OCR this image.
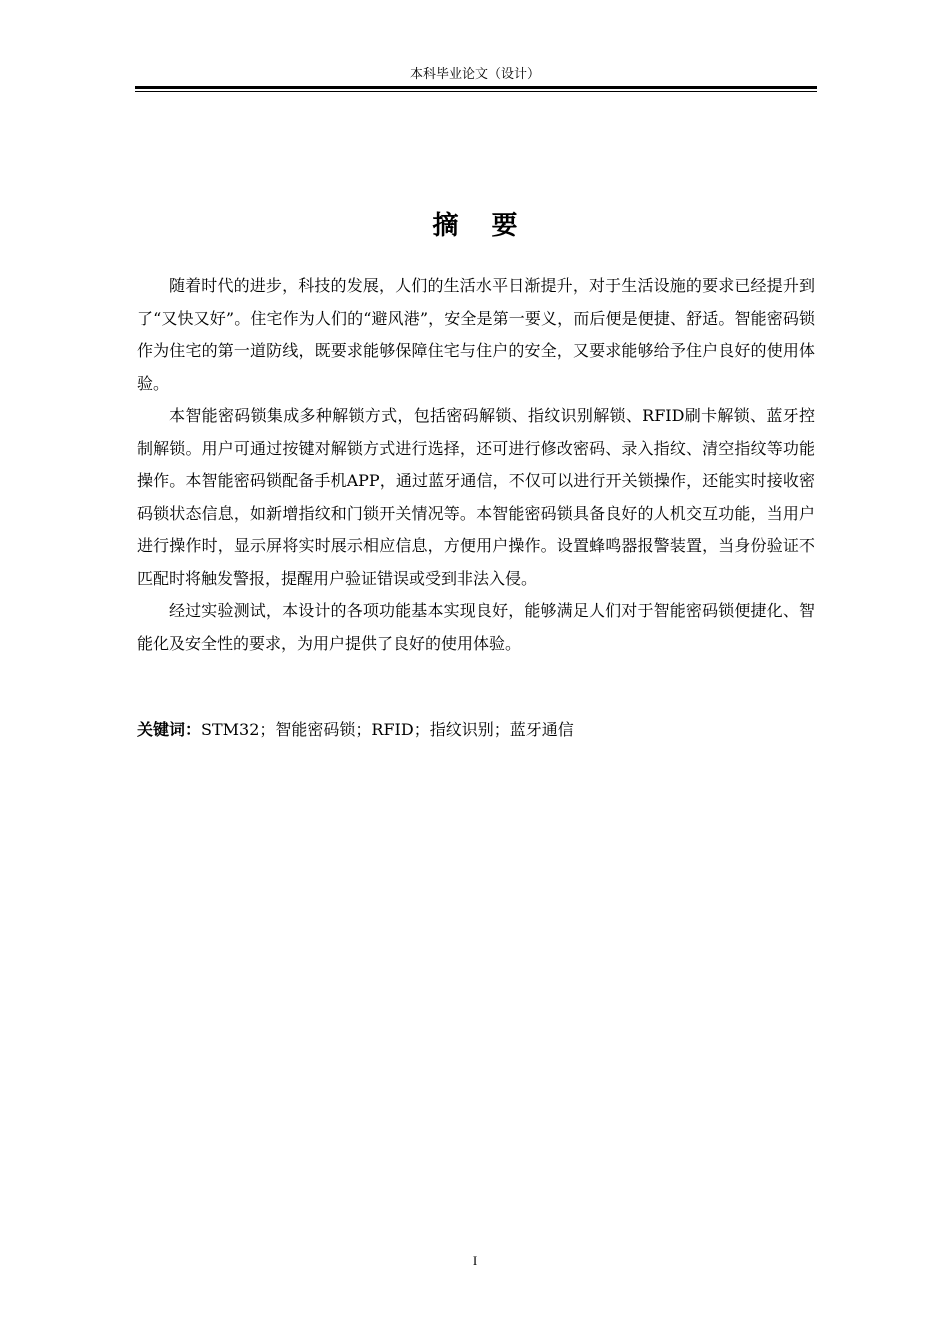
本科毕业论文（设计）
摘 要

随着时代的进步，科技的发展，人们的生活水平日渐提升，对于生活设施的要求已经提升到了“又快又好”。住宅作为人们的“避风港”，安全是第一要义，而后便是便捷、舒适。智能密码锁作为住宅的第一道防线，既要求能够保障住宅与住户的安全，又要求能够给予住户良好的使用体验。

本智能密码锁集成多种解锁方式，包括密码解锁、指纹识别解锁、RFID刷卡解锁、蓝牙控制解锁。用户可通过按键对解锁方式进行选择，还可进行修改密码、录入指纹、清空指纹等功能操作。本智能密码锁配备手机APP，通过蓝牙通信，不仅可以进行开关锁操作，还能实时接收密码锁状态信息，如新增指纹和门锁开关情况等。本智能密码锁具备良好的人机交互功能，当用户进行操作时，显示屏将实时展示相应信息，方便用户操作。设置蜂鸣器报警装置，当身份验证不匹配时将触发警报，提醒用户验证错误或受到非法入侵。

经过实验测试，本设计的各项功能基本实现良好，能够满足人们对于智能密码锁便捷化、智能化及安全性的要求，为用户提供了良好的使用体验。

关键词：STM32；智能密码锁；RFID；指纹识别；蓝牙通信
I
